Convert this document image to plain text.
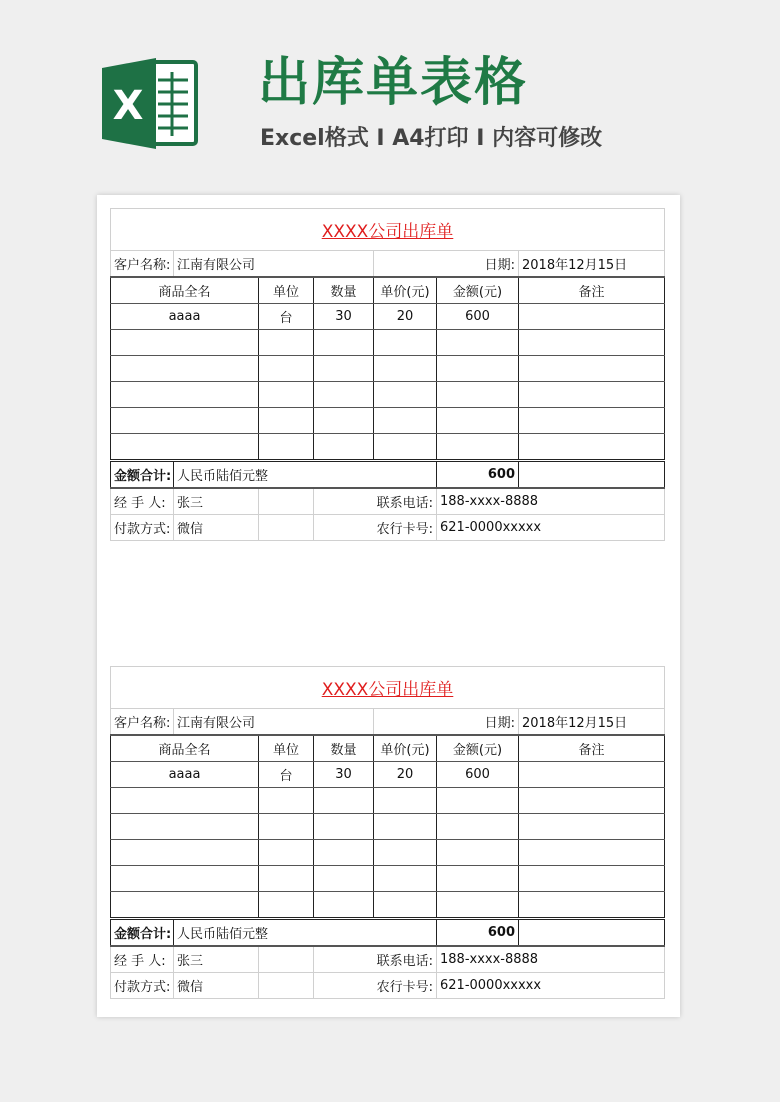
X 出库单表格
Excel格式 I A4打印 I 内容可修改
XXXX公司出库单						
客户名称:	江南有限公司			日期:		2018年12月15日
商品全名		单位	数量	单价(元)	金额(元)	备注
aaaa		台	30	20	600	

金额合计:	人民币陆佰元整				600	
经 手 人:	张三		联系电话:		188-xxxx-8888	
付款方式:	微信		农行卡号:		621-0000xxxxx	
XXXX公司出库单						
客户名称:	江南有限公司			日期:		2018年12月15日
商品全名		单位	数量	单价(元)	金额(元)	备注
aaaa		台	30	20	600	

金额合计:	人民币陆佰元整				600	
经 手 人:	张三		联系电话:		188-xxxx-8888	
付款方式:	微信		农行卡号:		621-0000xxxxx	
